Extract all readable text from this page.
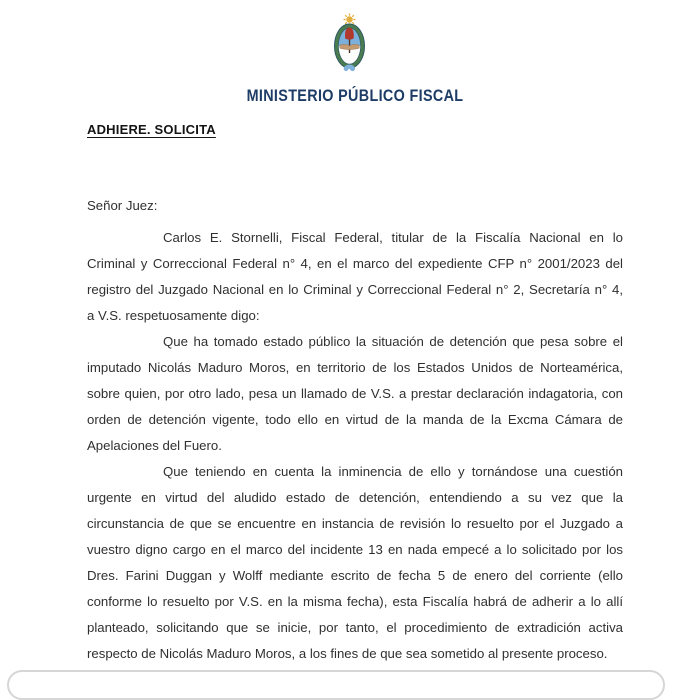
MINISTERIO PÚBLICO FISCAL
ADHIERE. SOLICITA
Señor Juez:
Carlos E. Stornelli, Fiscal Federal, titular de la Fiscalía Nacional en lo
Criminal y Correccional Federal n° 4, en el marco del expediente CFP n° 2001/2023 del
registro del Juzgado Nacional en lo Criminal y Correccional Federal n° 2, Secretaría n° 4,
a V.S. respetuosamente digo:
Que ha tomado estado público la situación de detención que pesa sobre el
imputado Nicolás Maduro Moros, en territorio de los Estados Unidos de Norteamérica,
sobre quien, por otro lado, pesa un llamado de V.S. a prestar declaración indagatoria, con
orden de detención vigente, todo ello en virtud de la manda de la Excma Cámara de
Apelaciones del Fuero.
Que teniendo en cuenta la inminencia de ello y tornándose una cuestión
urgente en virtud del aludido estado de detención, entendiendo a su vez que la
circunstancia de que se encuentre en instancia de revisión lo resuelto por el Juzgado a
vuestro digno cargo en el marco del incidente 13 en nada empecé a lo solicitado por los
Dres. Farini Duggan y Wolff mediante escrito de fecha 5 de enero del corriente (ello
conforme lo resuelto por V.S. en la misma fecha), esta Fiscalía habrá de adherir a lo allí
planteado, solicitando que se inicie, por tanto, el procedimiento de extradición activa
respecto de Nicolás Maduro Moros, a los fines de que sea sometido al presente proceso.
